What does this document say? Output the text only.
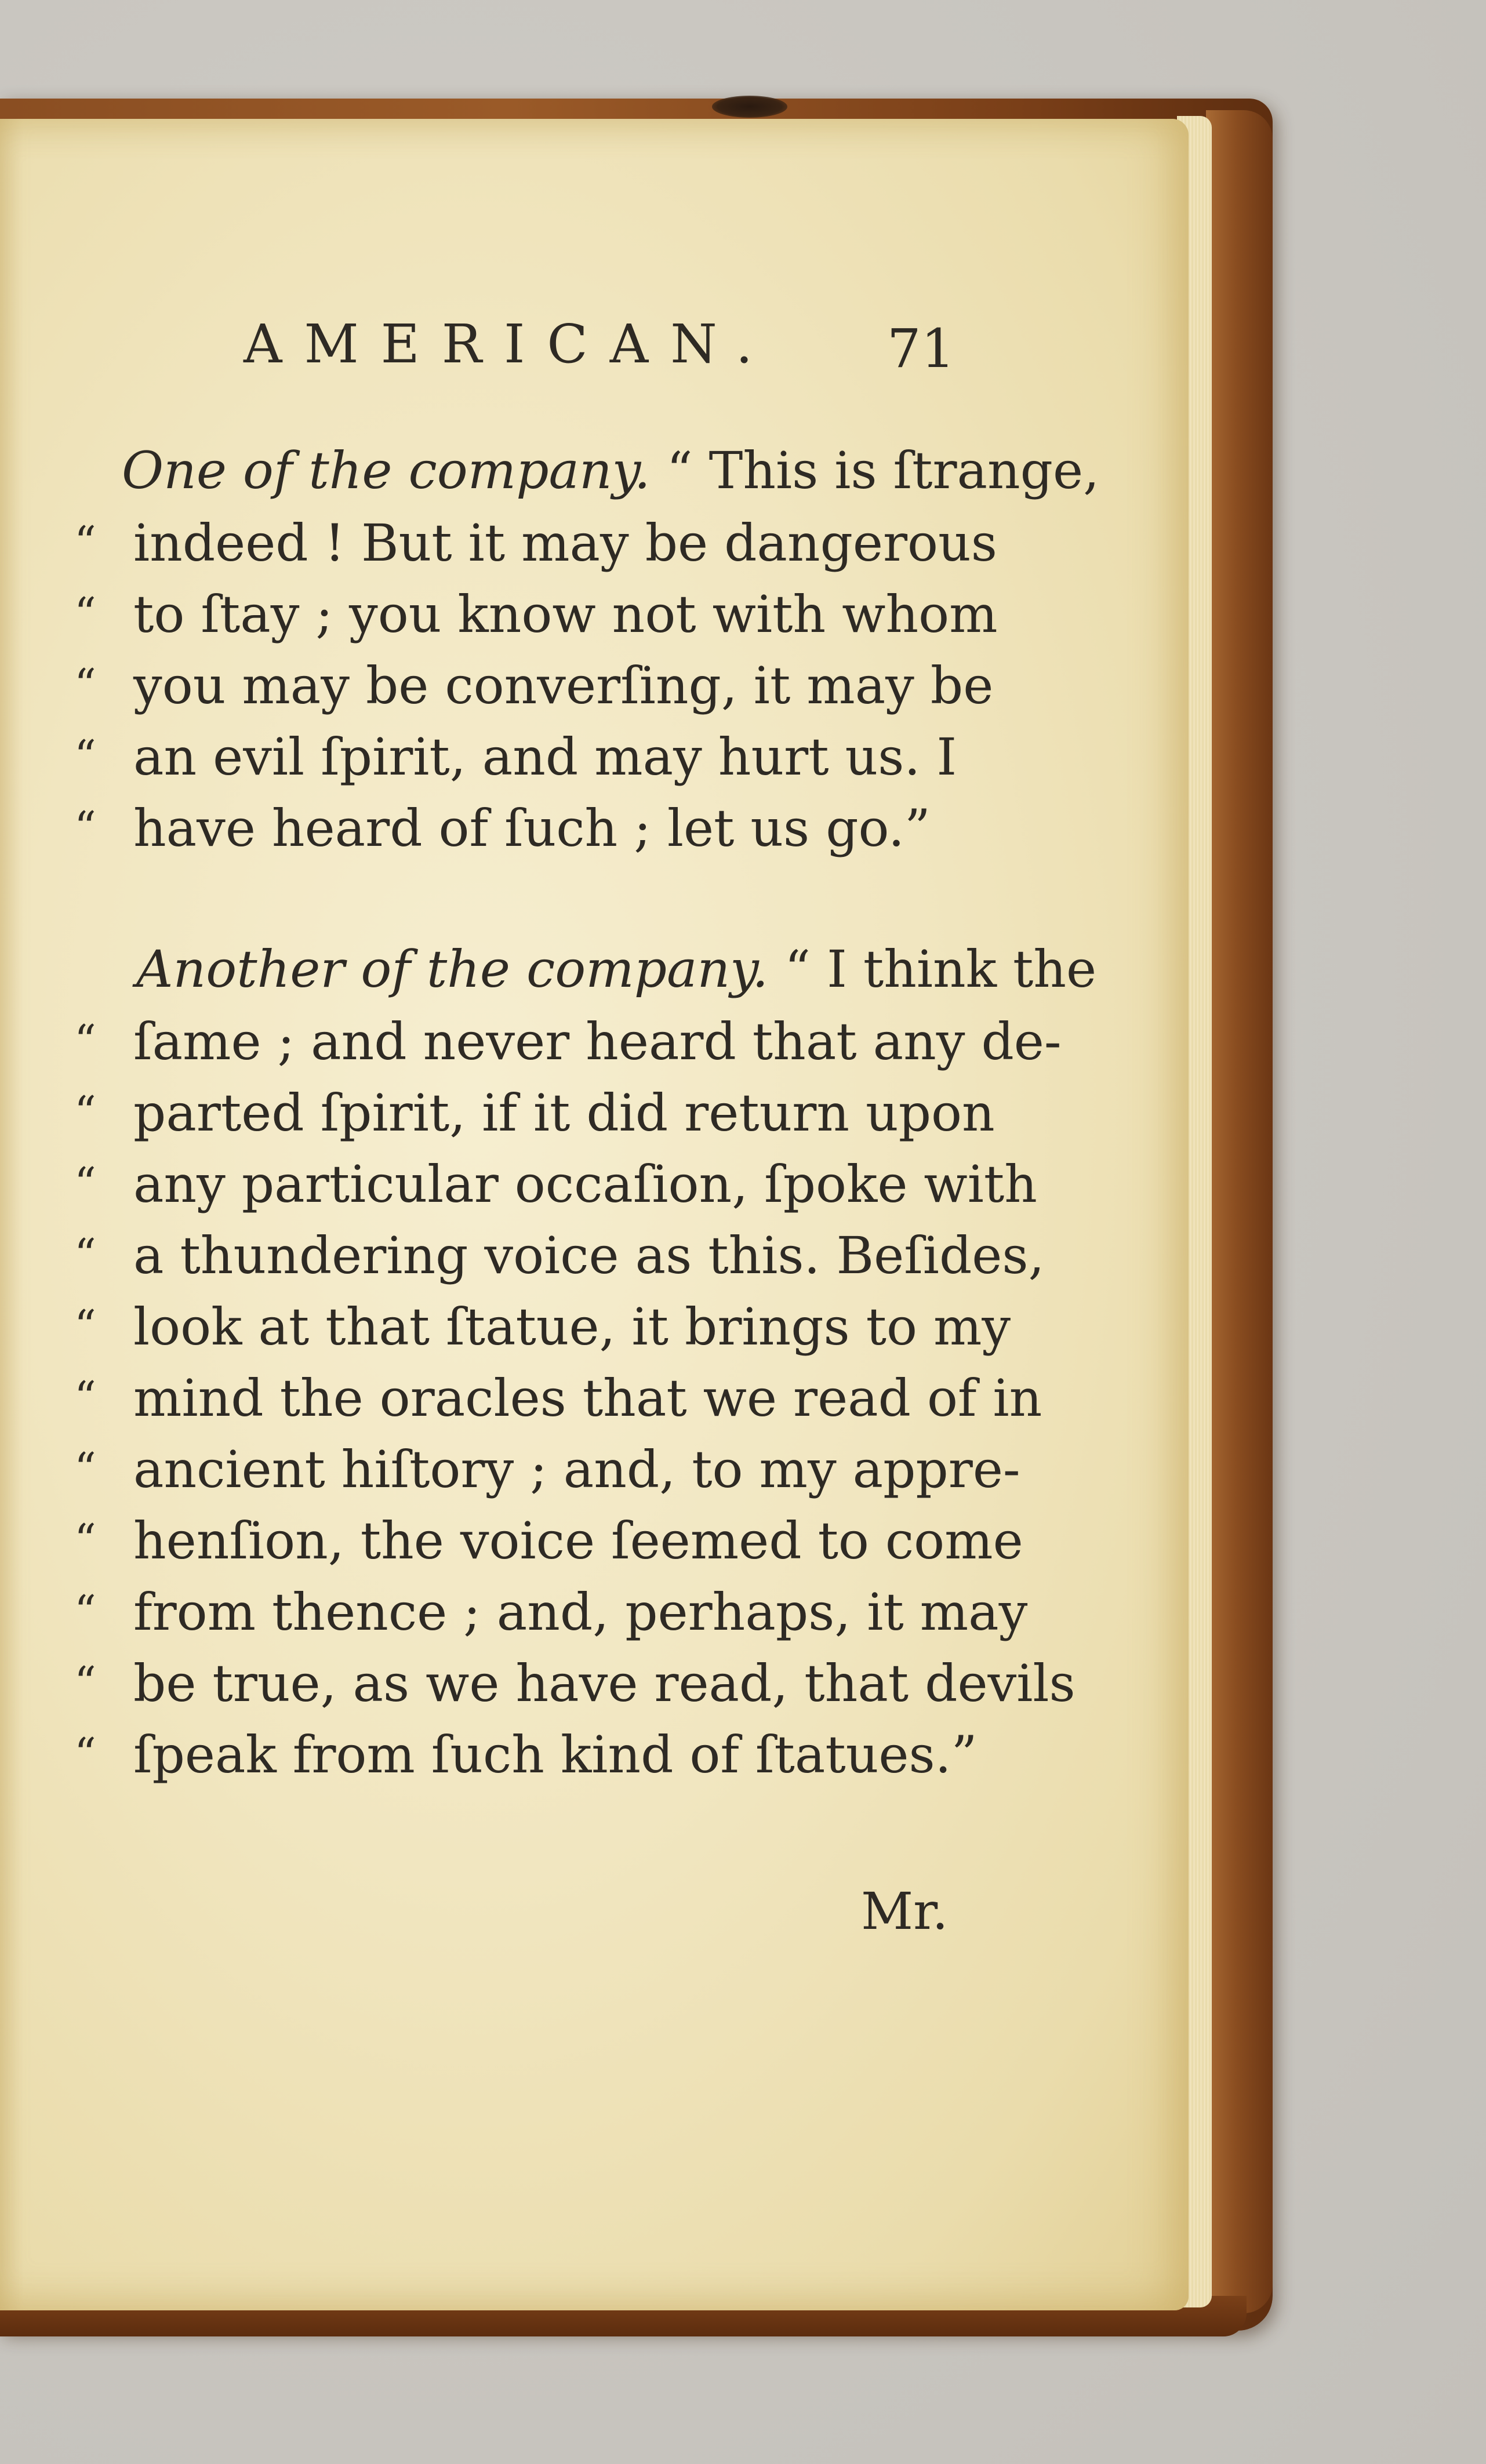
AMERICAN. 71
One of the company. “ This is ſtrange,
“ indeed ! But it may be dangerous
“ to ſtay ; you know not with whom
“ you may be converſing, it may be
“ an evil ſpirit, and may hurt us. I
“ have heard of ſuch ; let us go.”
Another of the company. “ I think the
“ ſame ; and never heard that any de-
“ parted ſpirit, if it did return upon
“ any particular occaſion, ſpoke with
“ a thundering voice as this. Beſides,
“ look at that ſtatue, it brings to my
“ mind the oracles that we read of in
“ ancient hiſtory ; and, to my appre-
“ henſion, the voice ſeemed to come
“ from thence ; and, perhaps, it may
“ be true, as we have read, that devils
“ ſpeak from ſuch kind of ſtatues.”
Mr.
